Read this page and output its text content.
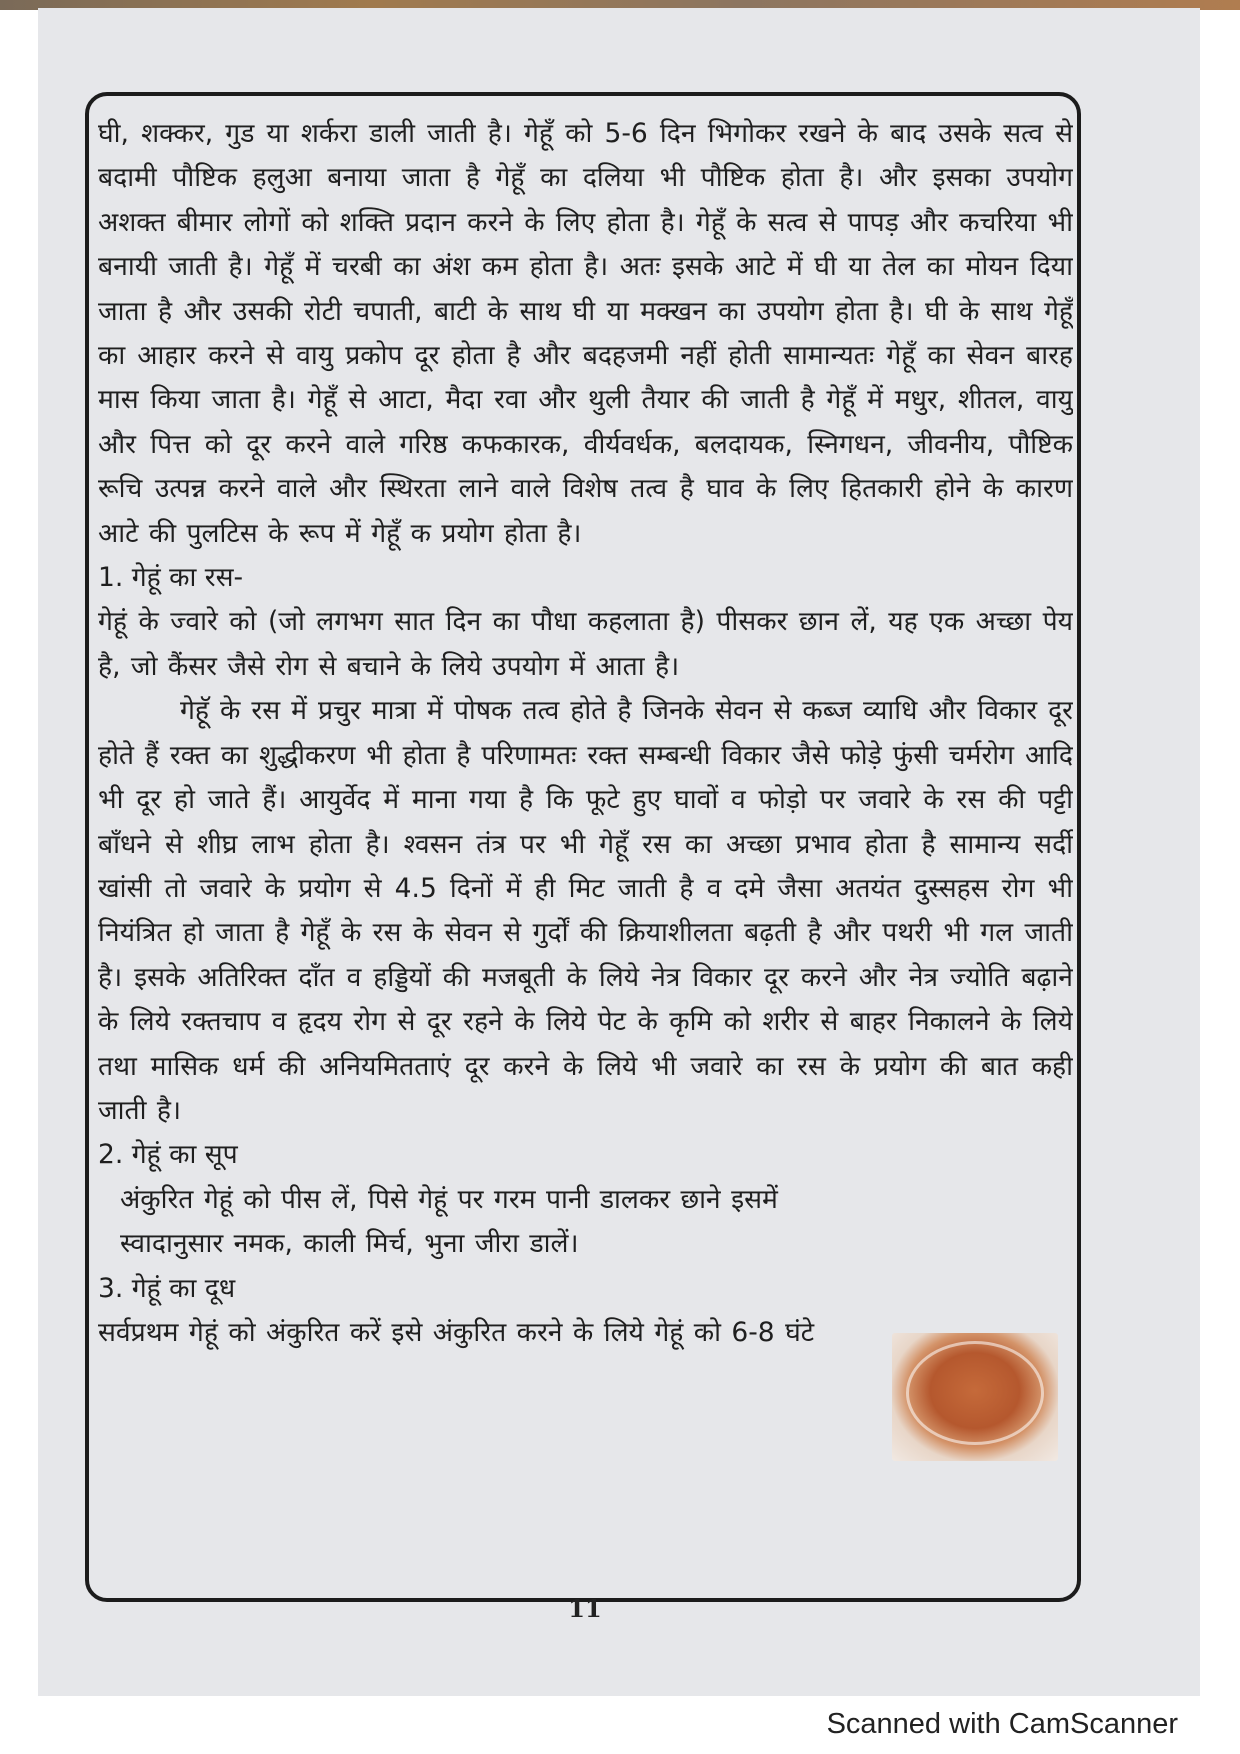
घी, शक्कर, गुड या शर्करा डाली जाती है। गेहूँ को 5-6 दिन भिगोकर रखने के बाद उसके सत्व से बदामी पौष्टिक हलुआ बनाया जाता है गेहूँ का दलिया भी पौष्टिक होता है। और इसका उपयोग अशक्त बीमार लोगों को शक्ति प्रदान करने के लिए होता है। गेहूँ के सत्व से पापड़ और कचरिया भी बनायी जाती है। गेहूँ में चरबी का अंश कम होता है। अतः इसके आटे में घी या तेल का मोयन दिया जाता है और उसकी रोटी चपाती, बाटी के साथ घी या मक्खन का उपयोग होता है। घी के साथ गेहूँ का आहार करने से वायु प्रकोप दूर होता है और बदहजमी नहीं होती सामान्यतः गेहूँ का सेवन बारह मास किया जाता है। गेहूँ से आटा, मैदा रवा और थुली तैयार की जाती है गेहूँ में मधुर, शीतल, वायु और पित्त को दूर करने वाले गरिष्ठ कफकारक, वीर्यवर्धक, बलदायक, स्निगधन, जीवनीय, पौष्टिक रूचि उत्पन्न करने वाले और स्थिरता लाने वाले विशेष तत्व है घाव के लिए हितकारी होने के कारण आटे की पुलटिस के रूप में गेहूँ क प्रयोग होता है।

1. गेहूं का रस-

गेहूं के ज्वारे को (जो लगभग सात दिन का पौधा कहलाता है) पीसकर छान लें, यह एक अच्छा पेय है, जो कैंसर जैसे रोग से बचाने के लिये उपयोग में आता है।

गेहॅू के रस में प्रचुर मात्रा में पोषक तत्व होते है जिनके सेवन से कब्ज व्याधि और विकार दूर होते हैं रक्त का शुद्धीकरण भी होता है परिणामतः रक्त सम्बन्धी विकार जैसे फोड़े फुंसी चर्मरोग आदि भी दूर हो जाते हैं। आयुर्वेद में माना गया है कि फूटे हुए घावों व फोड़ो पर जवारे के रस की पट्टी बाँधने से शीघ्र लाभ होता है। श्वसन तंत्र पर भी गेहूँ रस का अच्छा प्रभाव होता है सामान्य सर्दी खांसी तो जवारे के प्रयोग से 4.5 दिनों में ही मिट जाती है व दमे जैसा अतयंत दुस्सहस रोग भी नियंत्रित हो जाता है गेहूँ के रस के सेवन से गुर्दों की क्रियाशीलता बढ़ती है और पथरी भी गल जाती है। इसके अतिरिक्त दाँत व हड्डियों की मजबूती के लिये नेत्र विकार दूर करने और नेत्र ज्योति बढ़ाने के लिये रक्तचाप व हृदय रोग से दूर रहने के लिये पेट के कृमि को शरीर से बाहर निकालने के लिये तथा मासिक धर्म की अनियमितताएं दूर करने के लिये भी जवारे का रस के प्रयोग की बात कही जाती है।

2. गेहूं का सूप

अंकुरित गेहूं को पीस लें, पिसे गेहूं पर गरम पानी डालकर छाने इसमें स्वादानुसार नमक, काली मिर्च, भुना जीरा डालें।

3. गेहूं का दूध

सर्वप्रथम गेहूं को अंकुरित करें इसे अंकुरित करने के लिये गेहूं को 6-8 घंटे

11
Scanned with CamScanner
